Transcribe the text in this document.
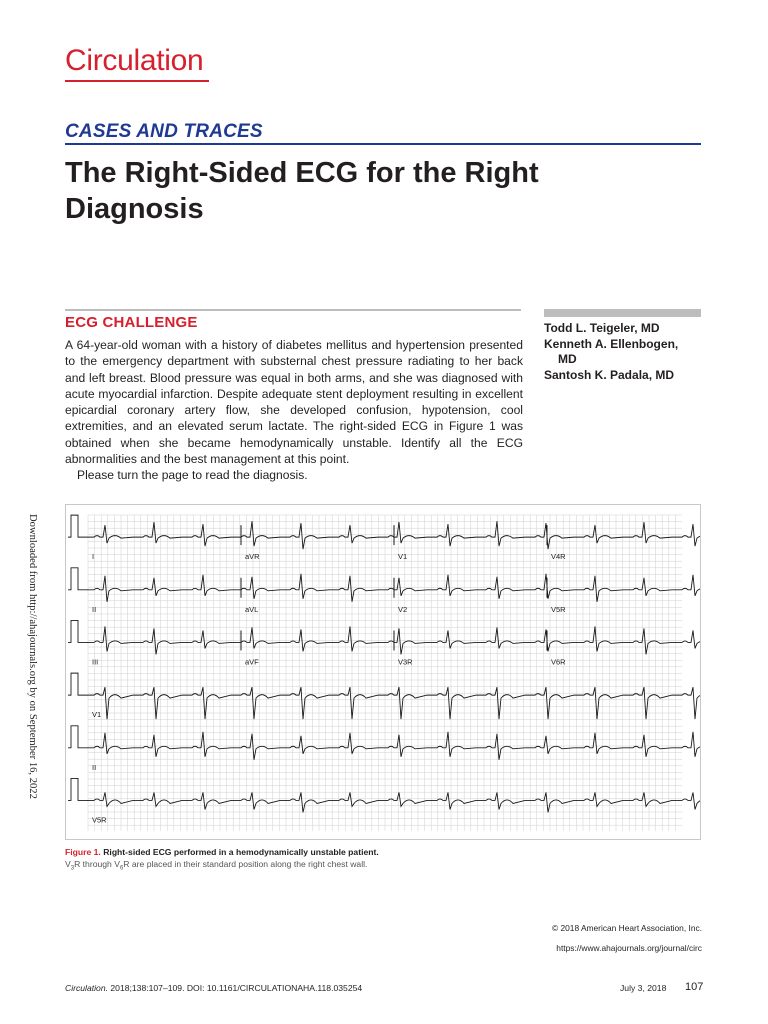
Circulation
CASES AND TRACES
The Right-Sided ECG for the Right Diagnosis
ECG CHALLENGE

A 64-year-old woman with a history of diabetes mellitus and hypertension presented to the emergency department with substernal chest pressure radiating to her back and left breast. Blood pressure was equal in both arms, and she was diagnosed with acute myocardial infarction. Despite adequate stent deployment resulting in excellent epicardial coronary artery flow, she developed confusion, hypotension, cool extremities, and an elevated serum lactate. The right-sided ECG in Figure 1 was obtained when she became hemodynamically unstable. Identify all the ECG abnormalities and the best management at this point.

Please turn the page to read the diagnosis.

Todd L. Teigeler, MD
Kenneth A. Ellenbogen,
MD
Santosh K. Padala, MD
Downloaded from http://ahajournals.org by on September 16, 2022	I	aVR	V1	V4R
II	aVL	V2	V5R
III	aVF	V3R	V6R
V1
II
V5R
Figure 1. Right-sided ECG performed in a hemodynamically unstable patient.
$V_3R$ through $V_6R$ are placed in their standard position along the right chest wall.
© 2018 American Heart Association, Inc.
https://www.ahajournals.org/journal/circ
Circulation. 2018;138:107–109. DOI: 10.1161/CIRCULATIONAHA.118.035254	July 3, 2018 107
